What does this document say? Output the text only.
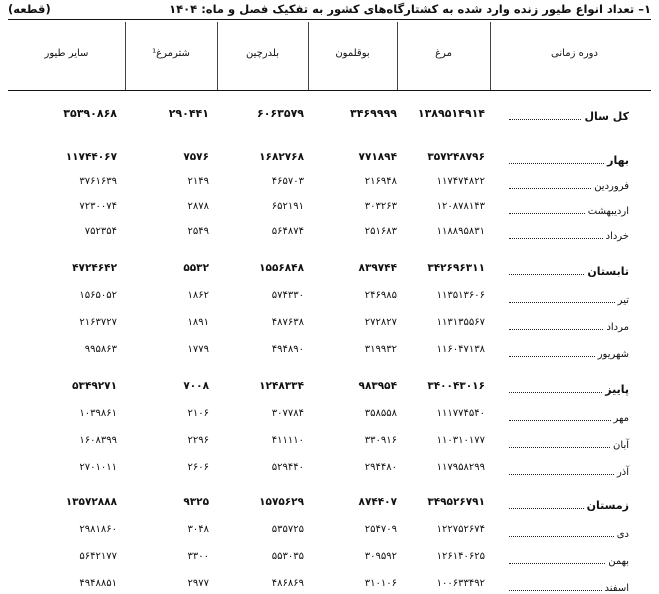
۱– تعداد انواع طیور زنده وارد شده به کشتارگاه‌های کشور به تفکیک فصل و ماه: ۱۴۰۴
(قطعه)
دوره زمانی
مرغ
بوقلمون
بلدرچین
شترمرغ¹
سایر طیور
کل سال
۱۳۸۹۵۱۴۹۱۴
۳۴۶۹۹۹۹
۶۰۶۳۵۷۹
۲۹۰۴۴۱
۳۵۳۹۰۸۶۸
بهار
۳۵۷۲۴۸۷۹۶
۷۷۱۸۹۴
۱۶۸۲۷۶۸
۷۵۷۶
۱۱۷۴۴۰۶۷
فروردین
۱۱۷۴۷۴۸۲۲
۲۱۶۹۴۸
۴۶۵۷۰۳
۲۱۴۹
۳۷۶۱۶۳۹
اردیبهشت
۱۲۰۸۷۸۱۴۳
۳۰۳۲۶۳
۶۵۲۱۹۱
۲۸۷۸
۷۲۳۰۰۷۴
خرداد
۱۱۸۸۹۵۸۳۱
۲۵۱۶۸۳
۵۶۴۸۷۴
۲۵۴۹
۷۵۲۳۵۴
تابستان
۳۴۲۶۹۶۳۱۱
۸۳۹۷۴۴
۱۵۵۶۸۴۸
۵۵۳۲
۴۷۲۴۶۴۲
تیر
۱۱۳۵۱۳۶۰۶
۲۴۶۹۸۵
۵۷۴۳۳۰
۱۸۶۲
۱۵۶۵۰۵۲
مرداد
۱۱۳۱۳۵۵۶۷
۲۷۲۸۲۷
۴۸۷۶۳۸
۱۸۹۱
۲۱۶۳۷۲۷
شهریور
۱۱۶۰۴۷۱۳۸
۳۱۹۹۳۲
۴۹۴۸۹۰
۱۷۷۹
۹۹۵۸۶۳
پاییز
۳۴۰۰۴۳۰۱۶
۹۸۳۹۵۴
۱۲۴۸۳۳۴
۷۰۰۸
۵۳۴۹۲۷۱
مهر
۱۱۱۷۷۴۵۴۰
۳۵۸۵۵۸
۳۰۷۷۸۴
۲۱۰۶
۱۰۳۹۸۶۱
آبان
۱۱۰۳۱۰۱۷۷
۳۳۰۹۱۶
۴۱۱۱۱۰
۲۲۹۶
۱۶۰۸۳۹۹
آذر
۱۱۷۹۵۸۲۹۹
۲۹۴۴۸۰
۵۲۹۴۴۰
۲۶۰۶
۲۷۰۱۰۱۱
زمستان
۳۴۹۵۲۶۷۹۱
۸۷۴۴۰۷
۱۵۷۵۶۲۹
۹۳۲۵
۱۳۵۷۲۸۸۸
دی
۱۲۲۷۵۲۶۷۴
۲۵۴۷۰۹
۵۳۵۷۲۵
۳۰۴۸
۲۹۸۱۸۶۰
بهمن
۱۲۶۱۴۰۶۲۵
۳۰۹۵۹۲
۵۵۳۰۳۵
۳۳۰۰
۵۶۴۲۱۷۷
اسفند
۱۰۰۶۳۳۴۹۲
۳۱۰۱۰۶
۴۸۶۸۶۹
۲۹۷۷
۴۹۴۸۸۵۱
